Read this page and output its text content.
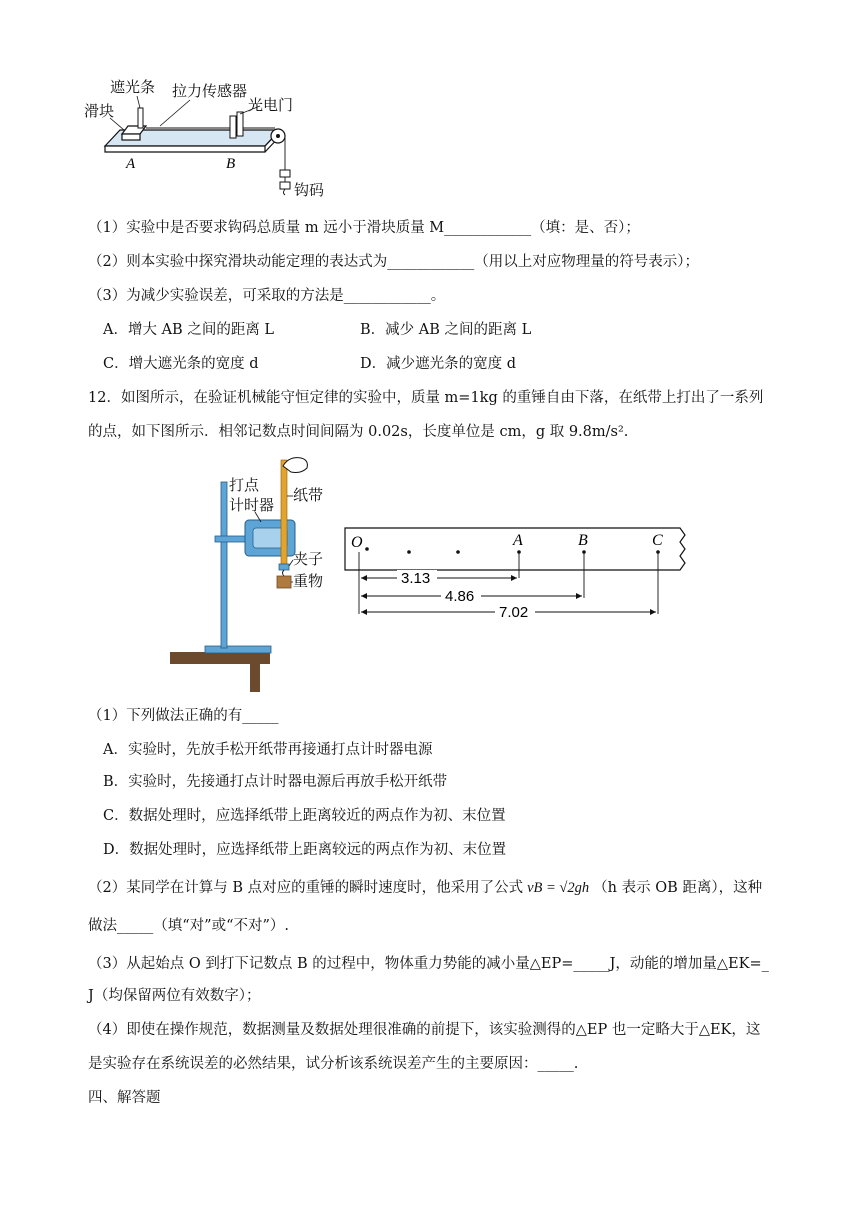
遮光条
滑块
拉力传感器
光电门
A	B
钩码
（1）实验中是否要求钩码总质量 m 远小于滑块质量 M____________（填：是、否）；
（2）则本实验中探究滑块动能定理的表达式为____________（用以上对应物理量的符号表示）；
（3）为减少实验误差，可采取的方法是____________。
A．增大 AB 之间的距离 L	B．减少 AB 之间的距离 L
C．增大遮光条的宽度 d	D．减少遮光条的宽度 d
12．如图所示，在验证机械能守恒定律的实验中，质量 m=1kg 的重锤自由下落，在纸带上打出了一系列
的点，如下图所示．相邻记数点时间间隔为 0.02s，长度单位是 cm，g 取 9.8m/s².
打点
计时器
纸带
夹子
重物
O	A	B	C
3.13
4.86
7.02
（1）下列做法正确的有_____
A．实验时，先放手松开纸带再接通打点计时器电源
B．实验时，先接通打点计时器电源后再放手松开纸带
C．数据处理时，应选择纸带上距离较近的两点作为初、末位置
D．数据处理时，应选择纸带上距离较远的两点作为初、末位置
（2）某同学在计算与 B 点对应的重锤的瞬时速度时，他采用了公式 vB = √2gh （h 表示 OB 距离），这种
做法_____（填“对”或“不对”）.
（3）从起始点 O 到打下记数点 B 的过程中，物体重力势能的减小量△EP=_____J，动能的增加量△EK=_
J（均保留两位有效数字）；
（4）即使在操作规范，数据测量及数据处理很准确的前提下，该实验测得的△EP 也一定略大于△EK，这
是实验存在系统误差的必然结果，试分析该系统误差产生的主要原因：_____.
四、解答题
